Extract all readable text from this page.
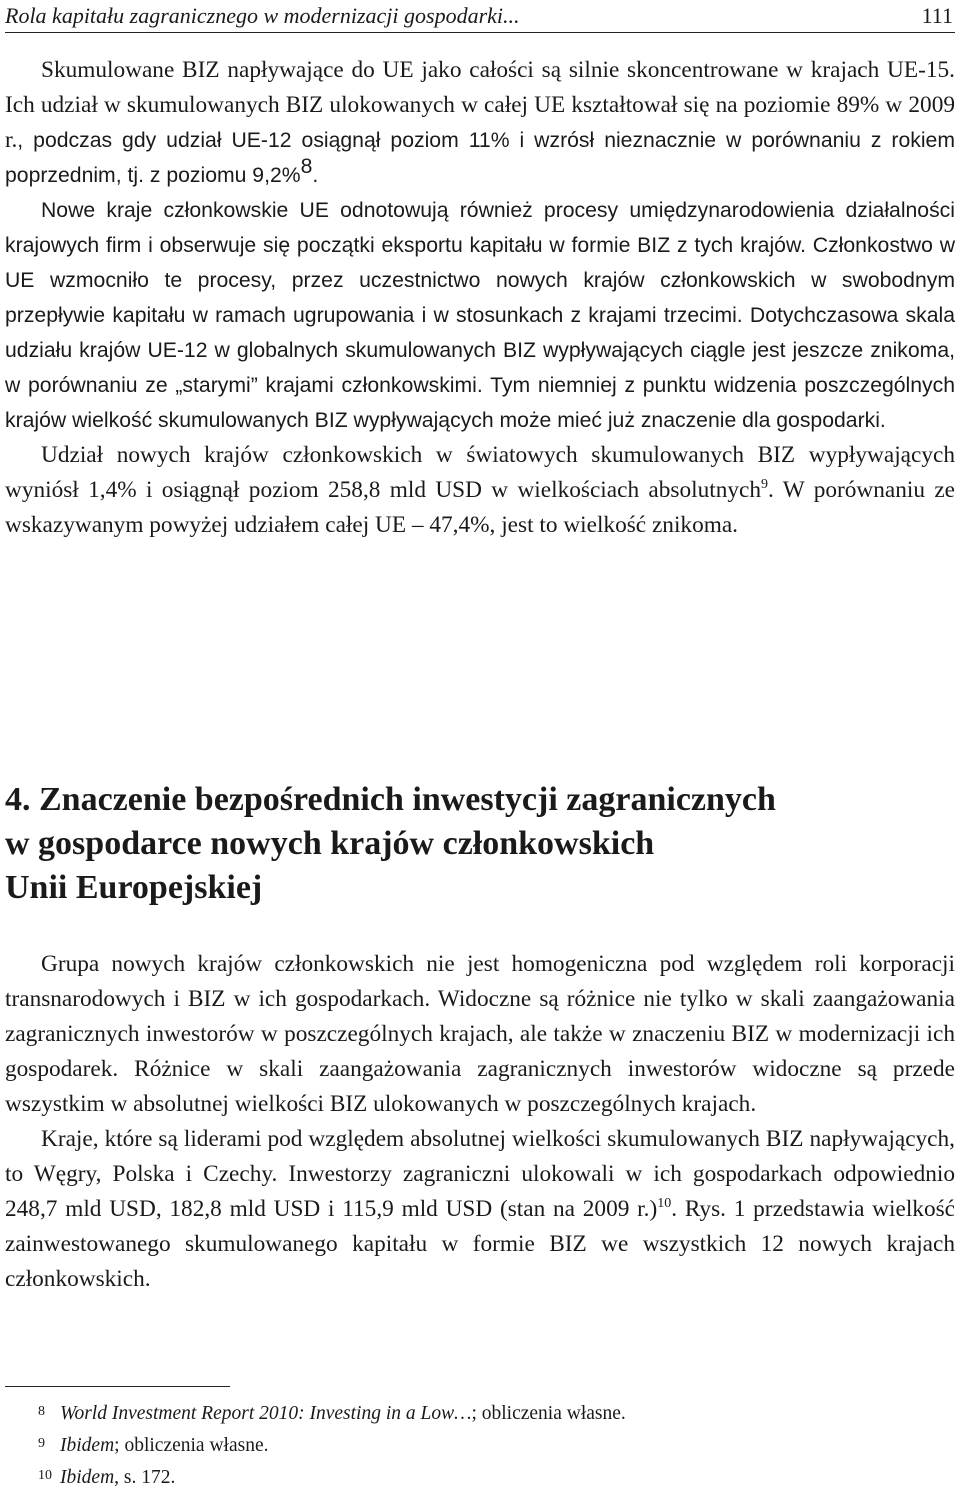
Rola kapitału zagranicznego w modernizacji gospodarki...	111

Skumulowane BIZ napływające do UE jako całości są silnie skoncentrowane w krajach UE-15. Ich udział w skumulowanych BIZ ulokowanych w całej UE kształtował się na poziomie 89% w 2009 r., podczas gdy udział UE-12 osiągnął poziom 11% i wzrósł nieznacznie w porównaniu z rokiem poprzednim, tj. z poziomu 9,2%$^8$.

Nowe kraje członkowskie UE odnotowują również procesy umiędzynarodowienia działalności krajowych firm i obserwuje się początki eksportu kapitału w formie BIZ z tych krajów. Członkostwo w UE wzmocniło te procesy, przez uczestnictwo nowych krajów członkowskich w swobodnym przepływie kapitału w ramach ugrupowania i w stosunkach z krajami trzecimi. Dotychczasowa skala udziału krajów UE-12 w globalnych skumulowanych BIZ wypływających ciągle jest jeszcze znikoma, w porównaniu ze „starymi” krajami członkowskimi. Tym niemniej z punktu widzenia poszczególnych krajów wielkość skumulowanych BIZ wypływających może mieć już znaczenie dla gospodarki.

Udział nowych krajów członkowskich w światowych skumulowanych BIZ wypływających wyniósł 1,4% i osiągnął poziom 258,8 mld USD w wielkościach absolutnych$^9$. W porównaniu ze wskazywanym powyżej udziałem całej UE – 47,4%, jest to wielkość znikoma.

4. Znaczenie bezpośrednich inwestycji zagranicznych
w gospodarce nowych krajów członkowskich
Unii Europejskiej

Grupa nowych krajów członkowskich nie jest homogeniczna pod względem roli korporacji transnarodowych i BIZ w ich gospodarkach. Widoczne są różnice nie tylko w skali zaangażowania zagranicznych inwestorów w poszczególnych krajach, ale także w znaczeniu BIZ w modernizacji ich gospodarek. Różnice w skali zaangażowania zagranicznych inwestorów widoczne są przede wszystkim w absolutnej wielkości BIZ ulokowanych w poszczególnych krajach.

Kraje, które są liderami pod względem absolutnej wielkości skumulowanych BIZ napływających, to Węgry, Polska i Czechy. Inwestorzy zagraniczni ulokowali w ich gospodarkach odpowiednio 248,7 mld USD, 182,8 mld USD i 115,9 mld USD (stan na 2009 r.)$^{10}$. Rys. 1 przedstawia wielkość zainwestowanego skumulowanego kapitału w formie BIZ we wszystkich 12 nowych krajach członkowskich.

8 World Investment Report 2010: Investing in a Low…; obliczenia własne.
9 Ibidem; obliczenia własne.
10 Ibidem, s. 172.
